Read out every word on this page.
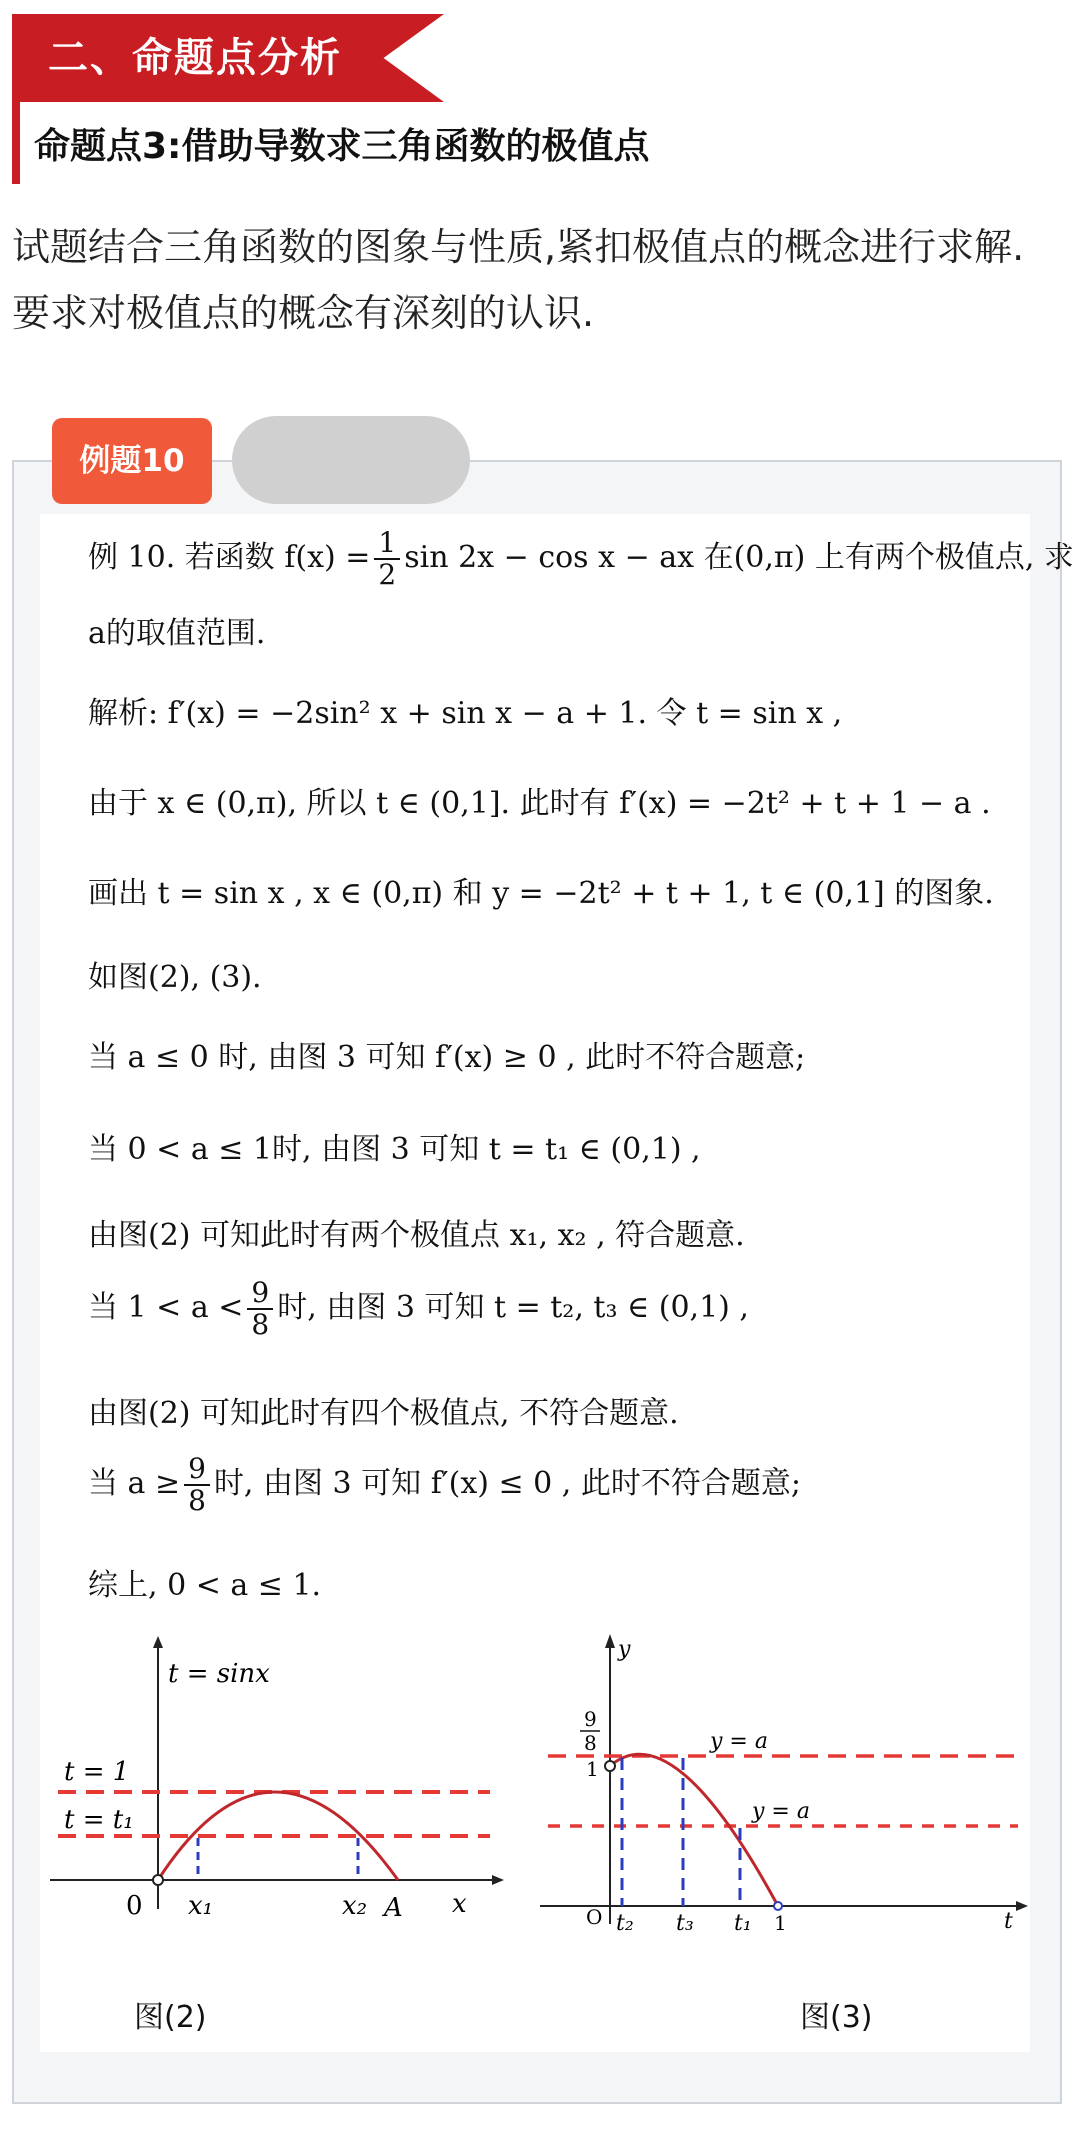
二、命题点分析
命题点3:借助导数求三角函数的极值点
试题结合三角函数的图象与性质,紧扣极值点的概念进行求解.要求对极值点的概念有深刻的认识.
例题10
例 10. 若函数 $f(x) = \frac{1}{2}$ sin 2x − cos x − ax 在(0,π) 上有两个极值点, 求
a的取值范围.
解析: f′(x) = −2sin² x + sin x − a + 1. 令 t = sin x ,
由于 x ∈ (0,π), 所以 t ∈ (0,1]. 此时有 f′(x) = −2t² + t + 1 − a .
画出 t = sin x , x ∈ (0,π) 和 y = −2t² + t + 1, t ∈ (0,1] 的图象.
如图(2), (3).
当 a ≤ 0 时, 由图 3 可知 f′(x) ≥ 0 , 此时不符合题意;
当 0 < a ≤ 1时, 由图 3 可知 t = t₁ ∈ (0,1) ,
由图(2) 可知此时有两个极值点 x₁, x₂ , 符合题意.
当 $1 < a < \frac{9}{8}$ 时, 由图 3 可知 t = t₂, t₃ ∈ (0,1) ,
由图(2) 可知此时有四个极值点, 不符合题意.
当 $a \ge \frac{9}{8}$ 时, 由图 3 可知 f′(x) ≤ 0 , 此时不符合题意;
综上, 0 < a ≤ 1.
t = sinx
t = 1
t = t₁
0 x₁	x₂ A x
图(2)
y
9
8
1
y = a
y = a
O t₂ t₃ t₁ 1	t
图(3)
